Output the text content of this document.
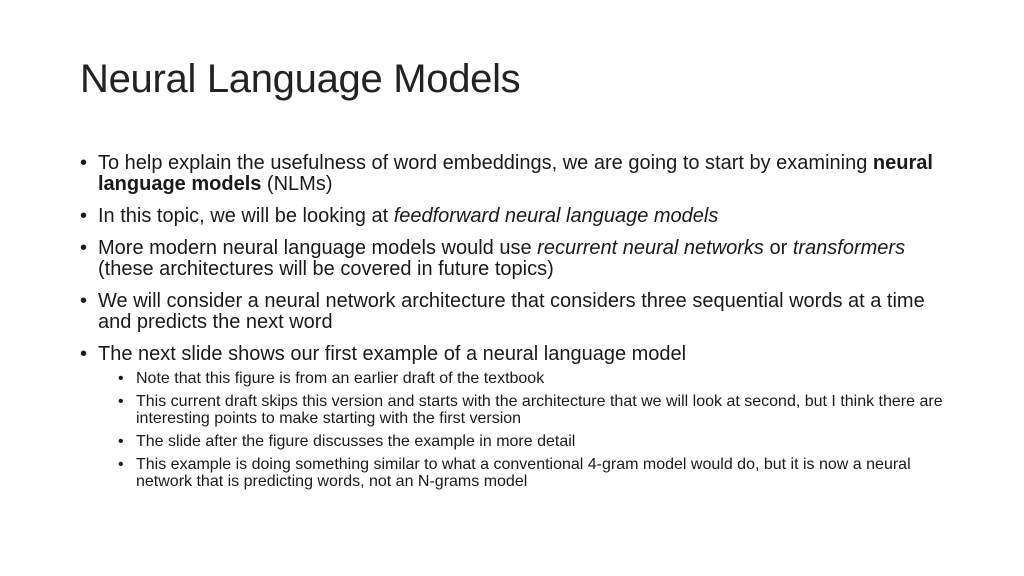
Neural Language Models
• To help explain the usefulness of word embeddings, we are going to start by examining neural language models (NLMs)
• In this topic, we will be looking at feedforward neural language models
• More modern neural language models would use recurrent neural networks or transformers (these architectures will be covered in future topics)
• We will consider a neural network architecture that considers three sequential words at a time and predicts the next word
• The next slide shows our first example of a neural language model
• Note that this figure is from an earlier draft of the textbook
• This current draft skips this version and starts with the architecture that we will look at second, but I think there are interesting points to make starting with the first version
• The slide after the figure discusses the example in more detail
• This example is doing something similar to what a conventional 4-gram model would do, but it is now a neural network that is predicting words, not an N-grams model
